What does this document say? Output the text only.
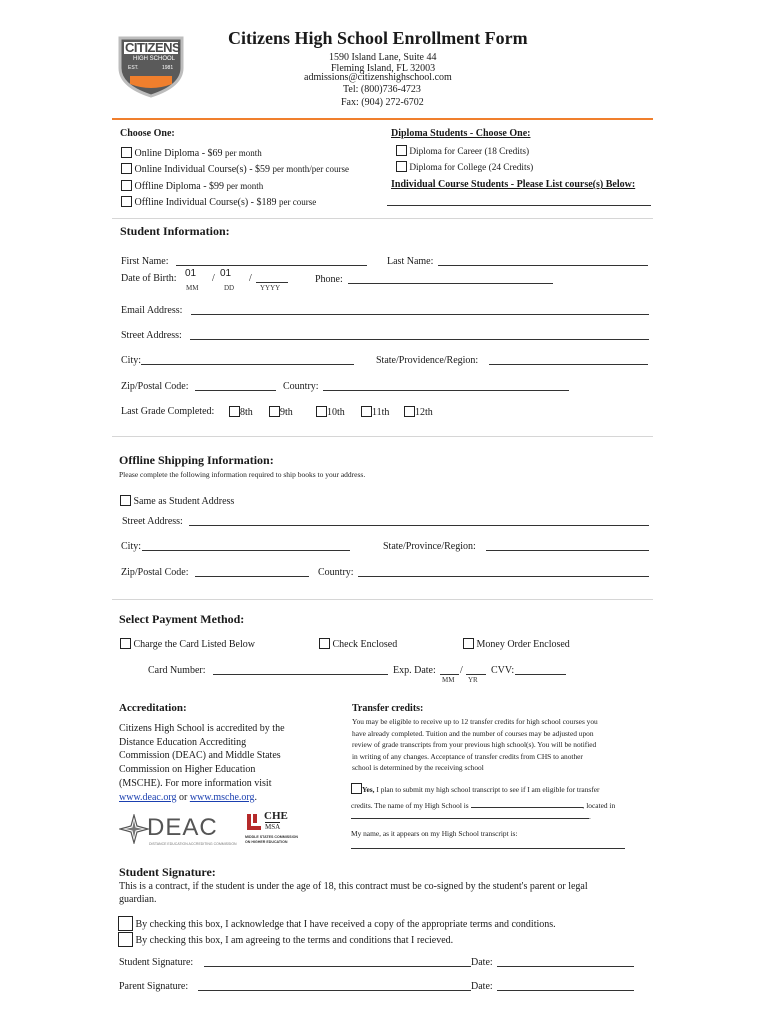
CITIZENS
HIGH SCHOOL
EST.	1981
Citizens High School Enrollment Form
1590 Island Lane, Suite 44
Fleming Island, FL 32003
admissions@citizenshighschool.com
Tel: (800)736-4723
Fax: (904) 272-6702
Choose One:
Online Diploma - $69 per month
Online Individual Course(s) - $59 per month/per course
Offline Diploma - $99 per month
Offline Individual Course(s) - $189 per course
Diploma Students - Choose One:
Diploma for Career (18 Credits)
Diploma for College (24 Credits)
Individual Course Students - Please List course(s) Below:
Student Information:
First Name:	Last Name:
Date of Birth: 01 / 01 /
MM	DD	YYYY
Phone:
Email Address:
Street Address:
City:	State/Providence/Region:
Zip/Postal Code:	Country:
Last Grade Completed:	8th	9th	10th	11th	12th
Offline Shipping Information:
Please complete the following information required to ship books to your address.
Same as Student Address
Street Address:
City:	State/Province/Region:
Zip/Postal Code:	Country:
Select Payment Method:
Charge the Card Listed Below	Check Enclosed	Money Order Enclosed
Card Number:	Exp. Date: /
MM YR
CVV:
Accreditation:
Citizens High School is accredited by the
Distance Education Accrediting
Commission (DEAC) and Middle States
Commission on Higher Education
(MSCHE). For more information visit
www.deac.org or www.msche.org.
DEAC
DISTANCE EDUCATION ACCREDITING COMMISSION
CHE
MSA
MIDDLE STATES COMMISSION
ON HIGHER EDUCATION
Transfer credits:
You may be eligible to receive up to 12 transfer credits for high school courses you
have already completed. Tuition and the number of courses may be adjusted upon
review of grade transcripts from your previous high school(s). You will be notified
in writing of any changes. Acceptance of transfer credits from CHS to another
school is determined by the receiving school
Yes, I plan to submit my high school transcript to see if I am eligible for transfer
credits. The name of my High School is	, located in
.
My name, as it appears on my High School transcript is:
Student Signature:
This is a contract, if the student is under the age of 18, this contract must be co-signed by the student's parent or legal
guardian.
By checking this box, I acknowledge that I have received a copy of the appropriate terms and conditions.
By checking this box, I am agreeing to the terms and conditions that I recieved.
Student Signature:	Date:
Parent Signature:	Date:
